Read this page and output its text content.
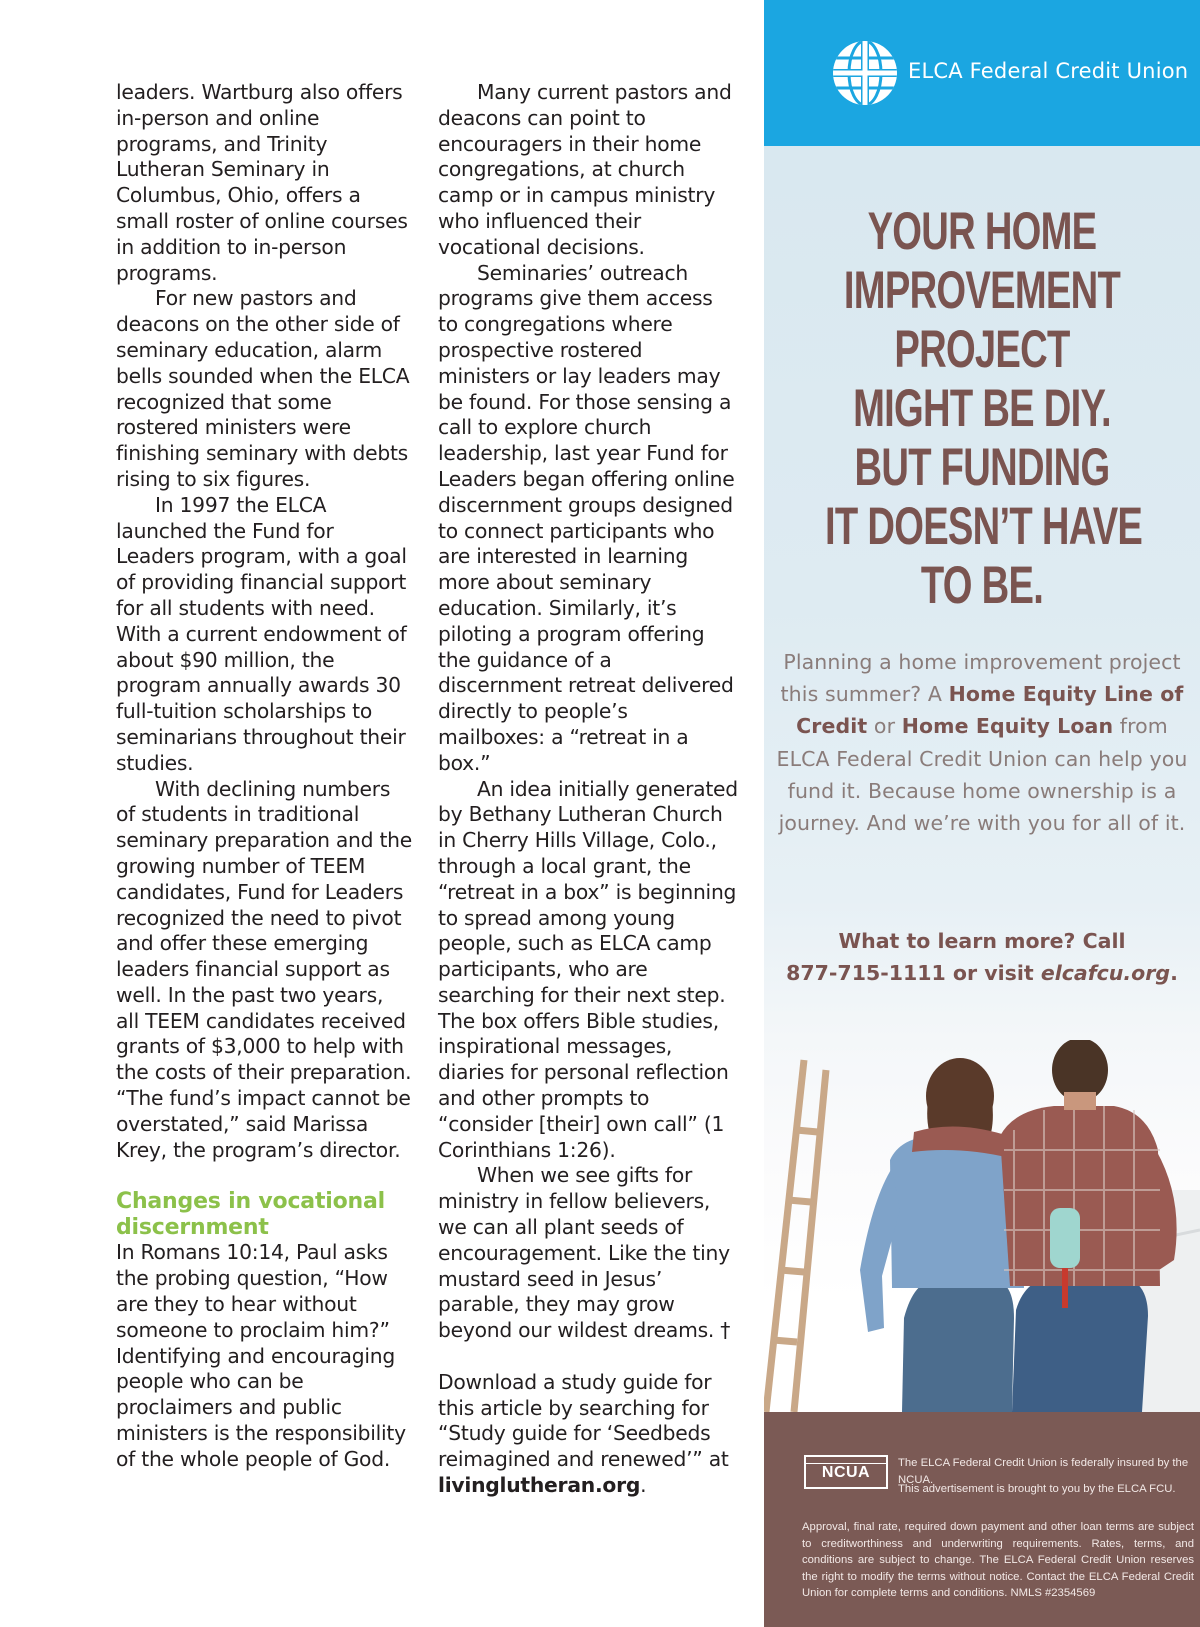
leaders. Wartburg also offers in-person and online programs, and Trinity Lutheran Seminary in Columbus, Ohio, offers a small roster of online courses in addition to in-person programs.

For new pastors and deacons on the other side of seminary education, alarm bells sounded when the ELCA recognized that some rostered ministers were finishing seminary with debts rising to six figures.

In 1997 the ELCA launched the Fund for Leaders program, with a goal of providing financial support for all students with need. With a current endowment of about $90 million, the program annually awards 30 full-tuition scholarships to seminarians throughout their studies.

With declining numbers of students in traditional seminary preparation and the growing number of TEEM candidates, Fund for Leaders recognized the need to pivot and offer these emerging leaders financial support as well. In the past two years, all TEEM candidates received grants of $3,000 to help with the costs of their preparation. “The fund’s impact cannot be overstated,” said Marissa Krey, the program’s director.

Changes in vocational discernment

In Romans 10:14, Paul asks the probing question, “How are they to hear without someone to proclaim him?” Identifying and encouraging people who can be proclaimers and public ministers is the responsibility of the whole people of God.

Many current pastors and deacons can point to encouragers in their home congregations, at church camp or in campus ministry who influenced their vocational decisions.

Seminaries’ outreach programs give them access to congregations where prospective rostered ministers or lay leaders may be found. For those sensing a call to explore church leadership, last year Fund for Leaders began offering online discernment groups designed to connect participants who are interested in learning more about seminary education. Similarly, it’s piloting a program offering the guidance of a discernment retreat delivered directly to people’s mailboxes: a “retreat in a box.”

An idea initially generated by Bethany Lutheran Church in Cherry Hills Village, Colo., through a local grant, the “retreat in a box” is beginning to spread among young people, such as ELCA camp participants, who are searching for their next step. The box offers Bible studies, inspirational messages, diaries for personal reflection and other prompts to “consider [their] own call” (1 Corinthians 1:26).

When we see gifts for ministry in fellow believers, we can all plant seeds of encouragement. Like the tiny mustard seed in Jesus’ parable, they may grow beyond our wildest dreams. †

Download a study guide for this article by searching for “Study guide for ‘Seedbeds reimagined and renewed’” at livinglutheran.org.

ELCA Federal Credit Union
YOUR HOME
IMPROVEMENT
PROJECT
MIGHT BE DIY.
BUT FUNDING
IT DOESN’T HAVE
TO BE.
Planning a home improvement project this summer? A Home Equity Line of Credit or Home Equity Loan from ELCA Federal Credit Union can help you fund it. Because home ownership is a journey. And we’re with you for all of it.
What to learn more? Call
877-715-1111 or visit elcafcu.org.
NCUA
The ELCA Federal Credit Union is federally insured by the NCUA.
This advertisement is brought to you by the ELCA FCU.
Approval, final rate, required down payment and other loan terms are subject to creditworthiness and underwriting requirements. Rates, terms, and conditions are subject to change. The ELCA Federal Credit Union reserves the right to modify the terms without notice. Contact the ELCA Federal Credit Union for complete terms and conditions. NMLS #2354569
